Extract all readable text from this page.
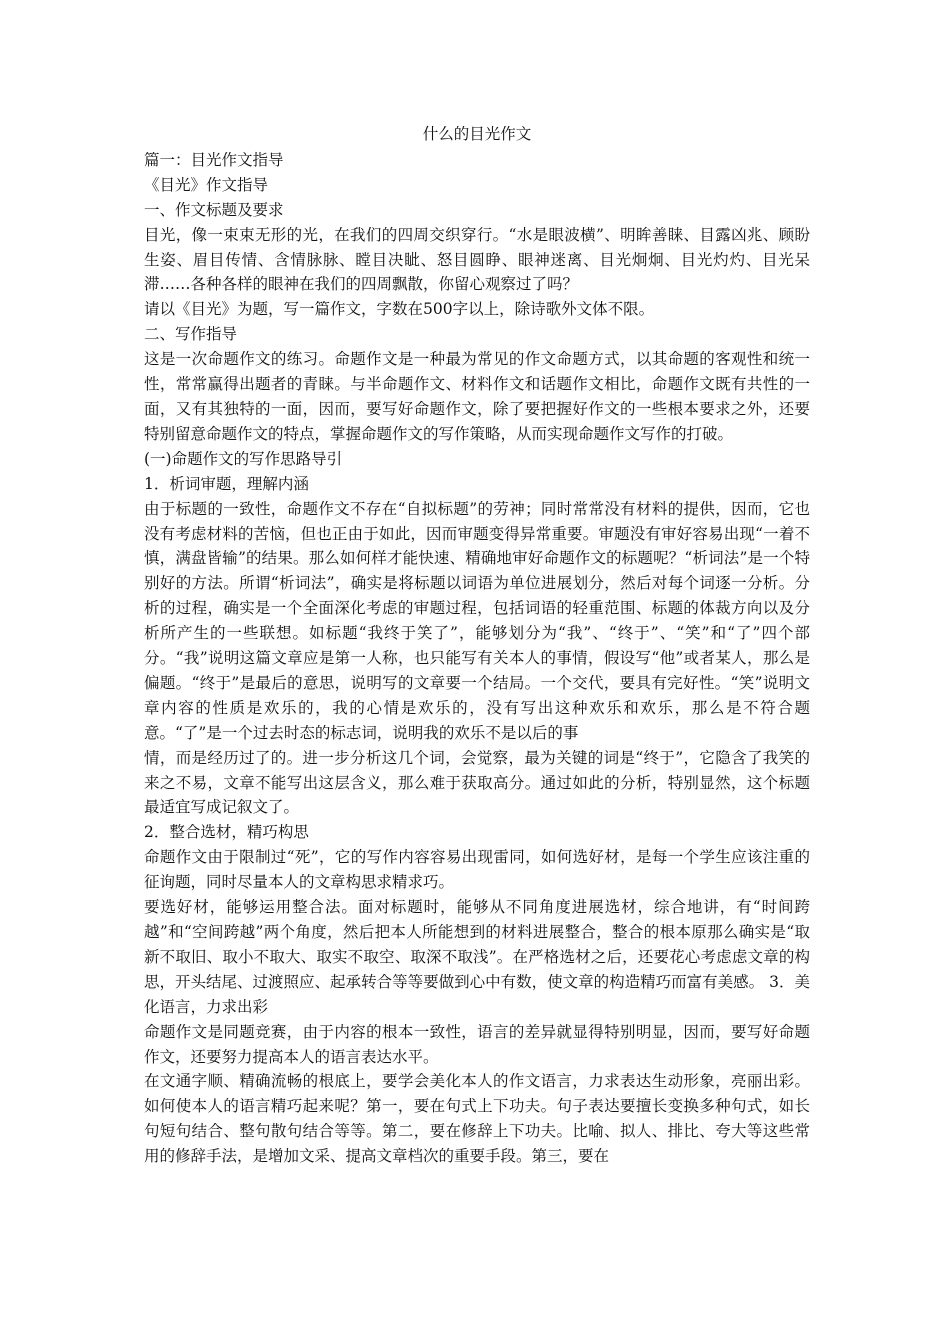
什么的目光作文

篇一：目光作文指导

《目光》作文指导

一、作文标题及要求

目光，像一束束无形的光，在我们的四周交织穿行。“水是眼波横”、明眸善睐、目露凶兆、顾盼生姿、眉目传情、含情脉脉、瞠目决眦、怒目圆睁、眼神迷离、目光炯炯、目光灼灼、目光呆滞……各种各样的眼神在我们的四周飘散，你留心观察过了吗？

请以《目光》为题，写一篇作文，字数在500字以上，除诗歌外文体不限。

二、写作指导

这是一次命题作文的练习。命题作文是一种最为常见的作文命题方式，以其命题的客观性和统一性，常常赢得出题者的青睐。与半命题作文、材料作文和话题作文相比，命题作文既有共性的一面，又有其独特的一面，因而，要写好命题作文，除了要把握好作文的一些根本要求之外，还要特别留意命题作文的特点，掌握命题作文的写作策略，从而实现命题作文写作的打破。

(一)命题作文的写作思路导引

1．析词审题，理解内涵

由于标题的一致性，命题作文不存在“自拟标题”的劳神；同时常常没有材料的提供，因而，它也没有考虑材料的苦恼，但也正由于如此，因而审题变得异常重要。审题没有审好容易出现“一着不慎，满盘皆输”的结果。那么如何样才能快速、精确地审好命题作文的标题呢？“析词法”是一个特别好的方法。所谓“析词法”，确实是将标题以词语为单位进展划分，然后对每个词逐一分析。分析的过程，确实是一个全面深化考虑的审题过程，包括词语的轻重范围、标题的体裁方向以及分析所产生的一些联想。如标题“我终于笑了”，能够划分为“我”、“终于”、“笑”和“了”四个部分。“我”说明这篇文章应是第一人称，也只能写有关本人的事情，假设写“他”或者某人，那么是偏题。“终于”是最后的意思，说明写的文章要一个结局。一个交代，要具有完好性。“笑”说明文章内容的性质是欢乐的，我的心情是欢乐的，没有写出这种欢乐和欢乐，那么是不符合题意。“了”是一个过去时态的标志词，说明我的欢乐不是以后的事

情，而是经历过了的。进一步分析这几个词，会觉察，最为关键的词是“终于”，它隐含了我笑的来之不易，文章不能写出这层含义，那么难于获取高分。通过如此的分析，特别显然，这个标题最适宜写成记叙文了。

2．整合选材，精巧构思

命题作文由于限制过“死”，它的写作内容容易出现雷同，如何选好材，是每一个学生应该注重的征询题，同时尽量本人的文章构思求精求巧。

要选好材，能够运用整合法。面对标题时，能够从不同角度进展选材，综合地讲，有“时间跨越”和“空间跨越”两个角度，然后把本人所能想到的材料进展整合，整合的根本原那么确实是“取新不取旧、取小不取大、取实不取空、取深不取浅”。在严格选材之后，还要花心考虑虑文章的构思，开头结尾、过渡照应、起承转合等等要做到心中有数，使文章的构造精巧而富有美感。 3．美化语言，力求出彩

命题作文是同题竞赛，由于内容的根本一致性，语言的差异就显得特别明显，因而，要写好命题作文，还要努力提高本人的语言表达水平。

在文通字顺、精确流畅的根底上，要学会美化本人的作文语言，力求表达生动形象，亮丽出彩。如何使本人的语言精巧起来呢？第一，要在句式上下功夫。句子表达要擅长变换多种句式，如长句短句结合、整句散句结合等等。第二，要在修辞上下功夫。比喻、拟人、排比、夸大等这些常用的修辞手法，是增加文采、提高文章档次的重要手段。第三，要在
